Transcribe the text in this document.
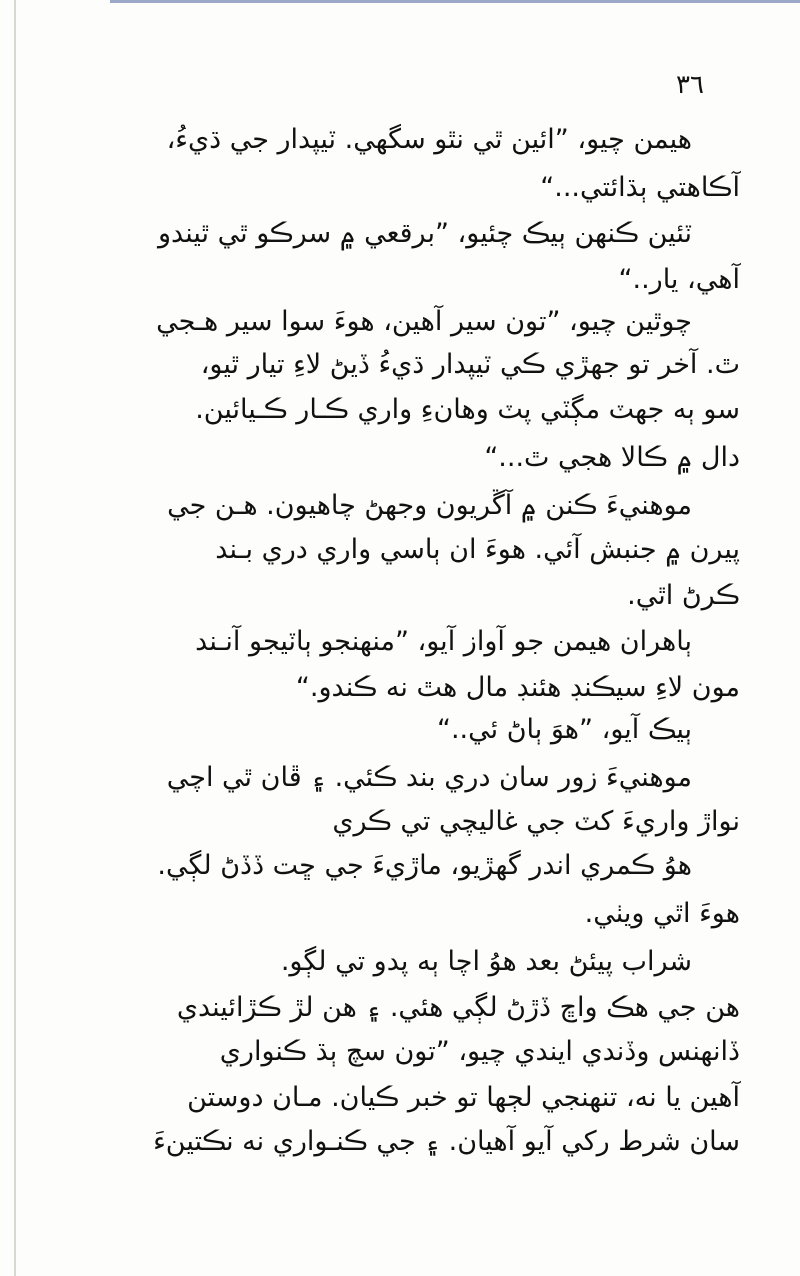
٣٦
هيمن چيو، ”ائين ٿي نٿو سگهي. ٽيپدار جي ڌيءُ،
آڪاهتي ٻڌائتي...“
ٽئين ڪنهن ٻيڪ چئيو، ”برقعي ۾ سرڪو ٿي ٿيندو
آهي، يار..“
چوٿين چيو، ”تون سير آهين، هوءَ سوا سير هـجي
ٿ. آخر تو جهڙي ڪي ٽيپدار ڌيءُ ڏيڻ لاءِ تيار ٿيو،
سو ٻه جهٽ مڳٽي پٽ وهانءِ واري ڪـار ڪـيائين.
دال ۾ ڪالا هجي ٿ...“
موهنيءَ ڪنن ۾ آڱريون وجهڻ چاهيون. هـن جي
پيرن ۾ جنبش آئي. هوءَ ان ٻاسي واري دري بـند
ڪرڻ اٿي.
ٻاهران هيمن جو آواز آيو، ”منهنجو ٻاٽيجو آنـند
مون لاءِ سيڪنڊ هئنڊ مال هٿ نه ڪندو.“
ٻيڪ آيو، ”هوَ ٻاڻ ئي..“
موهنيءَ زور سان دري بند ڪئي. ۽ ڦان ٿي اچي
نواڙ واريءَ کٽ جي غاليچي تي ڪري
هوُ ڪمري اندر گهڙيو، ماڙيءَ جي ڇت ڏڏڻ لڳي.
هوءَ اٿي ويٺي.
شراب پيئڻ بعد هوُ اچا ٻه پدو تي لڳو.
هن جي هڪ واڇ ڏڙڻ لڳي هئي. ۽ هن لڙ ڪڙائيندي
ڏانهنس وڏندي ايندي چيو، ”تون سچ ٻڌ ڪنواري
آهين يا نه، تنهنجي لڄها تو خبر ڪيان. مـان دوستن
سان شرط رکي آيو آهيان. ۽ جي ڪنـواري نه نڪتينءَ
